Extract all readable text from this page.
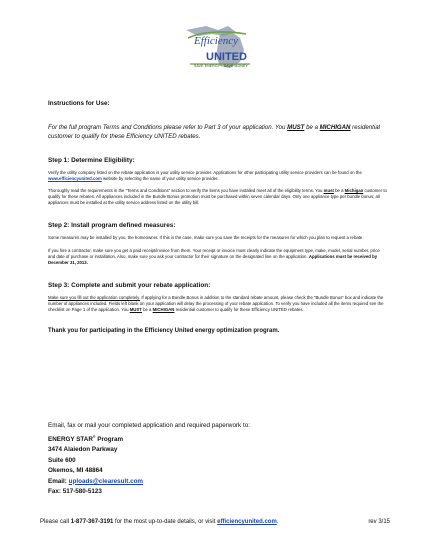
Efficiency
UNITED
SAVE ENERGY · SAVE MONEY

Instructions for Use:

For the full program Terms and Conditions please refer to Part 3 of your application. You MUST be a MICHIGAN residential customer to qualify for these Efficiency UNITED rebates.

Step 1: Determine Eligibility:

Verify the utility company listed on the rebate application is your utility service provider. Applications for other participating utility service providers can be found on the www.efficiencyunited.com website by selecting the name of your utility service provider.

Thoroughly read the requirements in the “Terms and Conditions” section to verify the items you have installed meet all of the eligibility terms. You must be a Michigan customer to qualify for these rebates. All appliances included in the Bundle Bonus promotion must be purchased within seven calendar days. Only one appliance type per bundle bonus; all appliances must be installed at the utility service address listed on the utility bill.

Step 2: Install program defined measures:

Some measures may be installed by you, the homeowner. If this is the case, make sure you save the receipts for the measures for which you plan to request a rebate.

If you hire a contractor, make sure you get a paid receipt/invoice from them. Your receipt or invoice must clearly indicate the equipment type, make, model, serial number, price and date of purchase or installation. Also, make sure you ask your contractor for their signature on the designated line on the application. Applications must be received by December 31, 2013.

Step 3: Complete and submit your rebate application:

Make sure you fill out the application completely. If applying for a Bundle Bonus in addition to the standard rebate amount, please check the “Bundle Bonus” box and indicate the number of appliances included. Fields left blank on your application will delay the processing of your rebate application. To verify you have included all the items required see the checklist on Page 1 of the application. You MUST be a MICHIGAN residential customer to qualify for these Efficiency UNITED rebates.

Thank you for participating in the Efficiency United energy optimization program.

Email, fax or mail your completed application and required paperwork to:
ENERGY STAR® Program
3474 Alaiedon Parkway
Suite 600
Okemos, MI 48864
Email: uploads@clearesult.com
Fax: 517-580-5123
Please call 1-877-367-3191 for the most up-to-date details, or visit efficiencyunited.com.	rev 3/15
